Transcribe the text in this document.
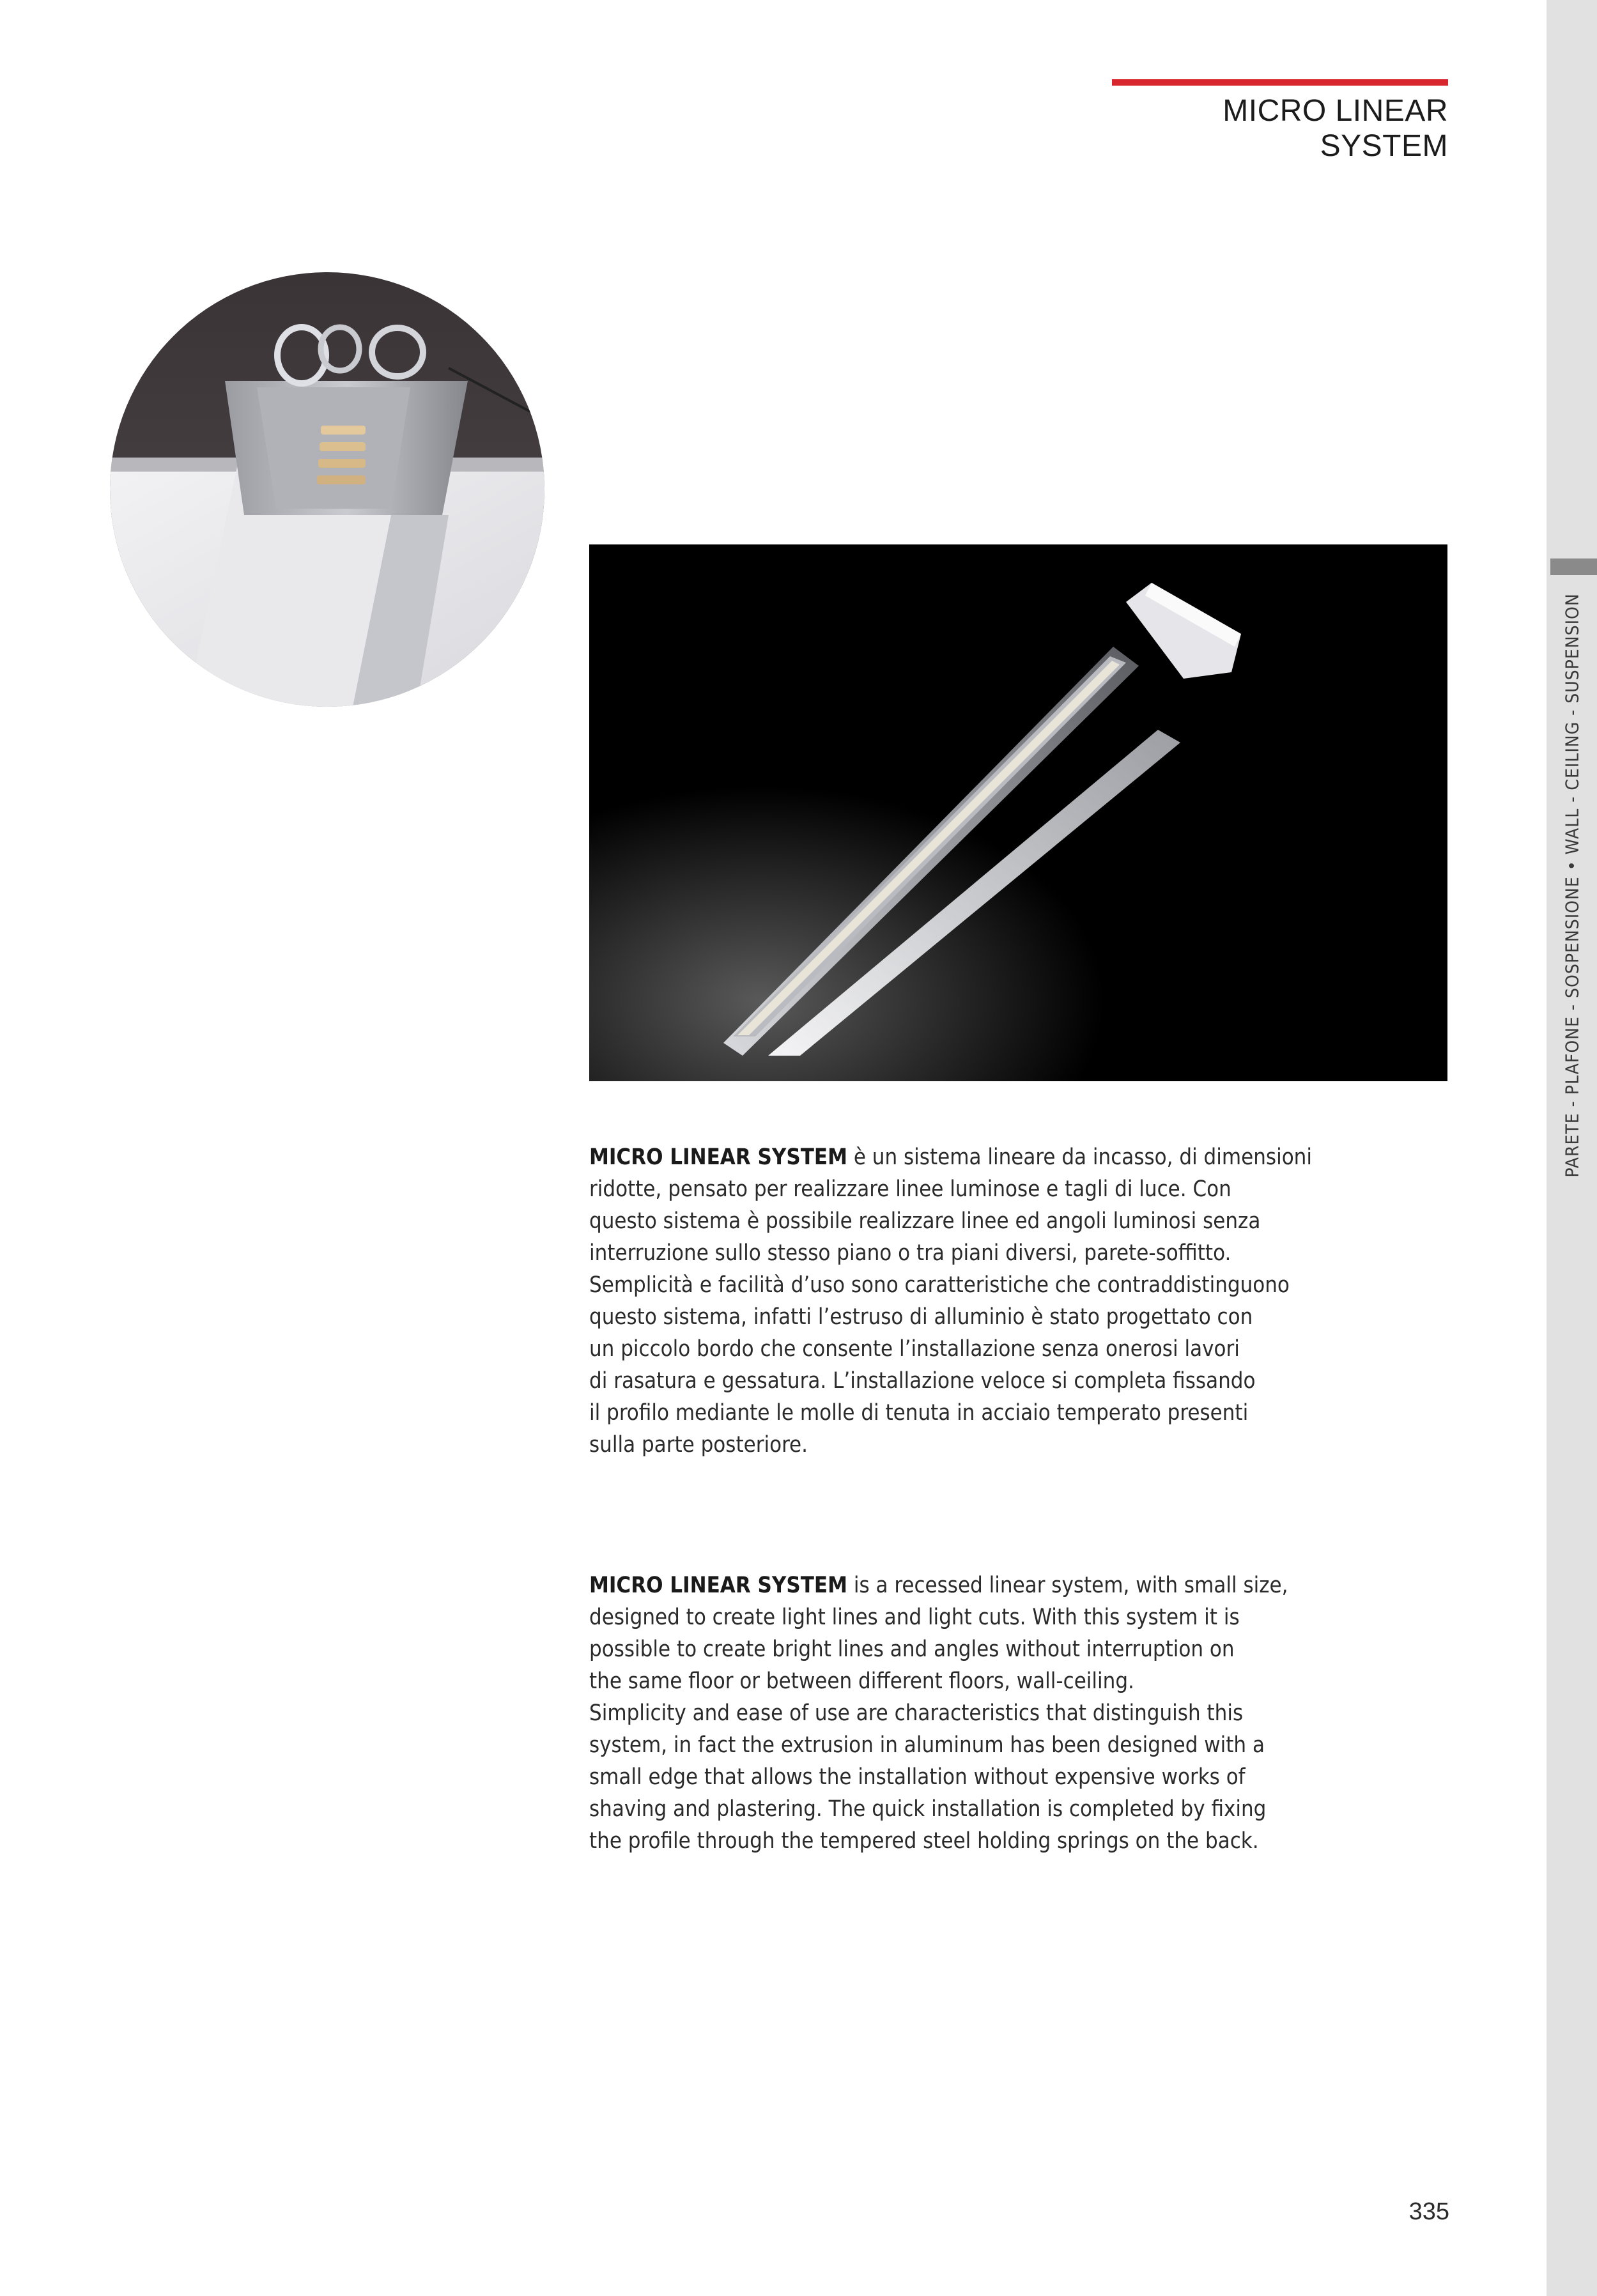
PARETE - PLAFONE - SOSPENSIONE • WALL - CEILING - SUSPENSION
MICRO LINEAR SYSTEM

MICRO LINEAR SYSTEM è un sistema lineare da incasso, di dimensioni
ridotte, pensato per realizzare linee luminose e tagli di luce. Con
questo sistema è possibile realizzare linee ed angoli luminosi senza
interruzione sullo stesso piano o tra piani diversi, parete-soffitto.
Semplicità e facilità d’uso sono caratteristiche che contraddistinguono
questo sistema, infatti l’estruso di alluminio è stato progettato con
un piccolo bordo che consente l’installazione senza onerosi lavori
di rasatura e gessatura. L’installazione veloce si completa fissando
il profilo mediante le molle di tenuta in acciaio temperato presenti
sulla parte posteriore.

MICRO LINEAR SYSTEM is a recessed linear system, with small size,
designed to create light lines and light cuts. With this system it is
possible to create bright lines and angles without interruption on
the same floor or between different floors, wall-ceiling.
Simplicity and ease of use are characteristics that distinguish this
system, in fact the extrusion in aluminum has been designed with a
small edge that allows the installation without expensive works of
shaving and plastering. The quick installation is completed by fixing
the profile through the tempered steel holding springs on the back.

335
